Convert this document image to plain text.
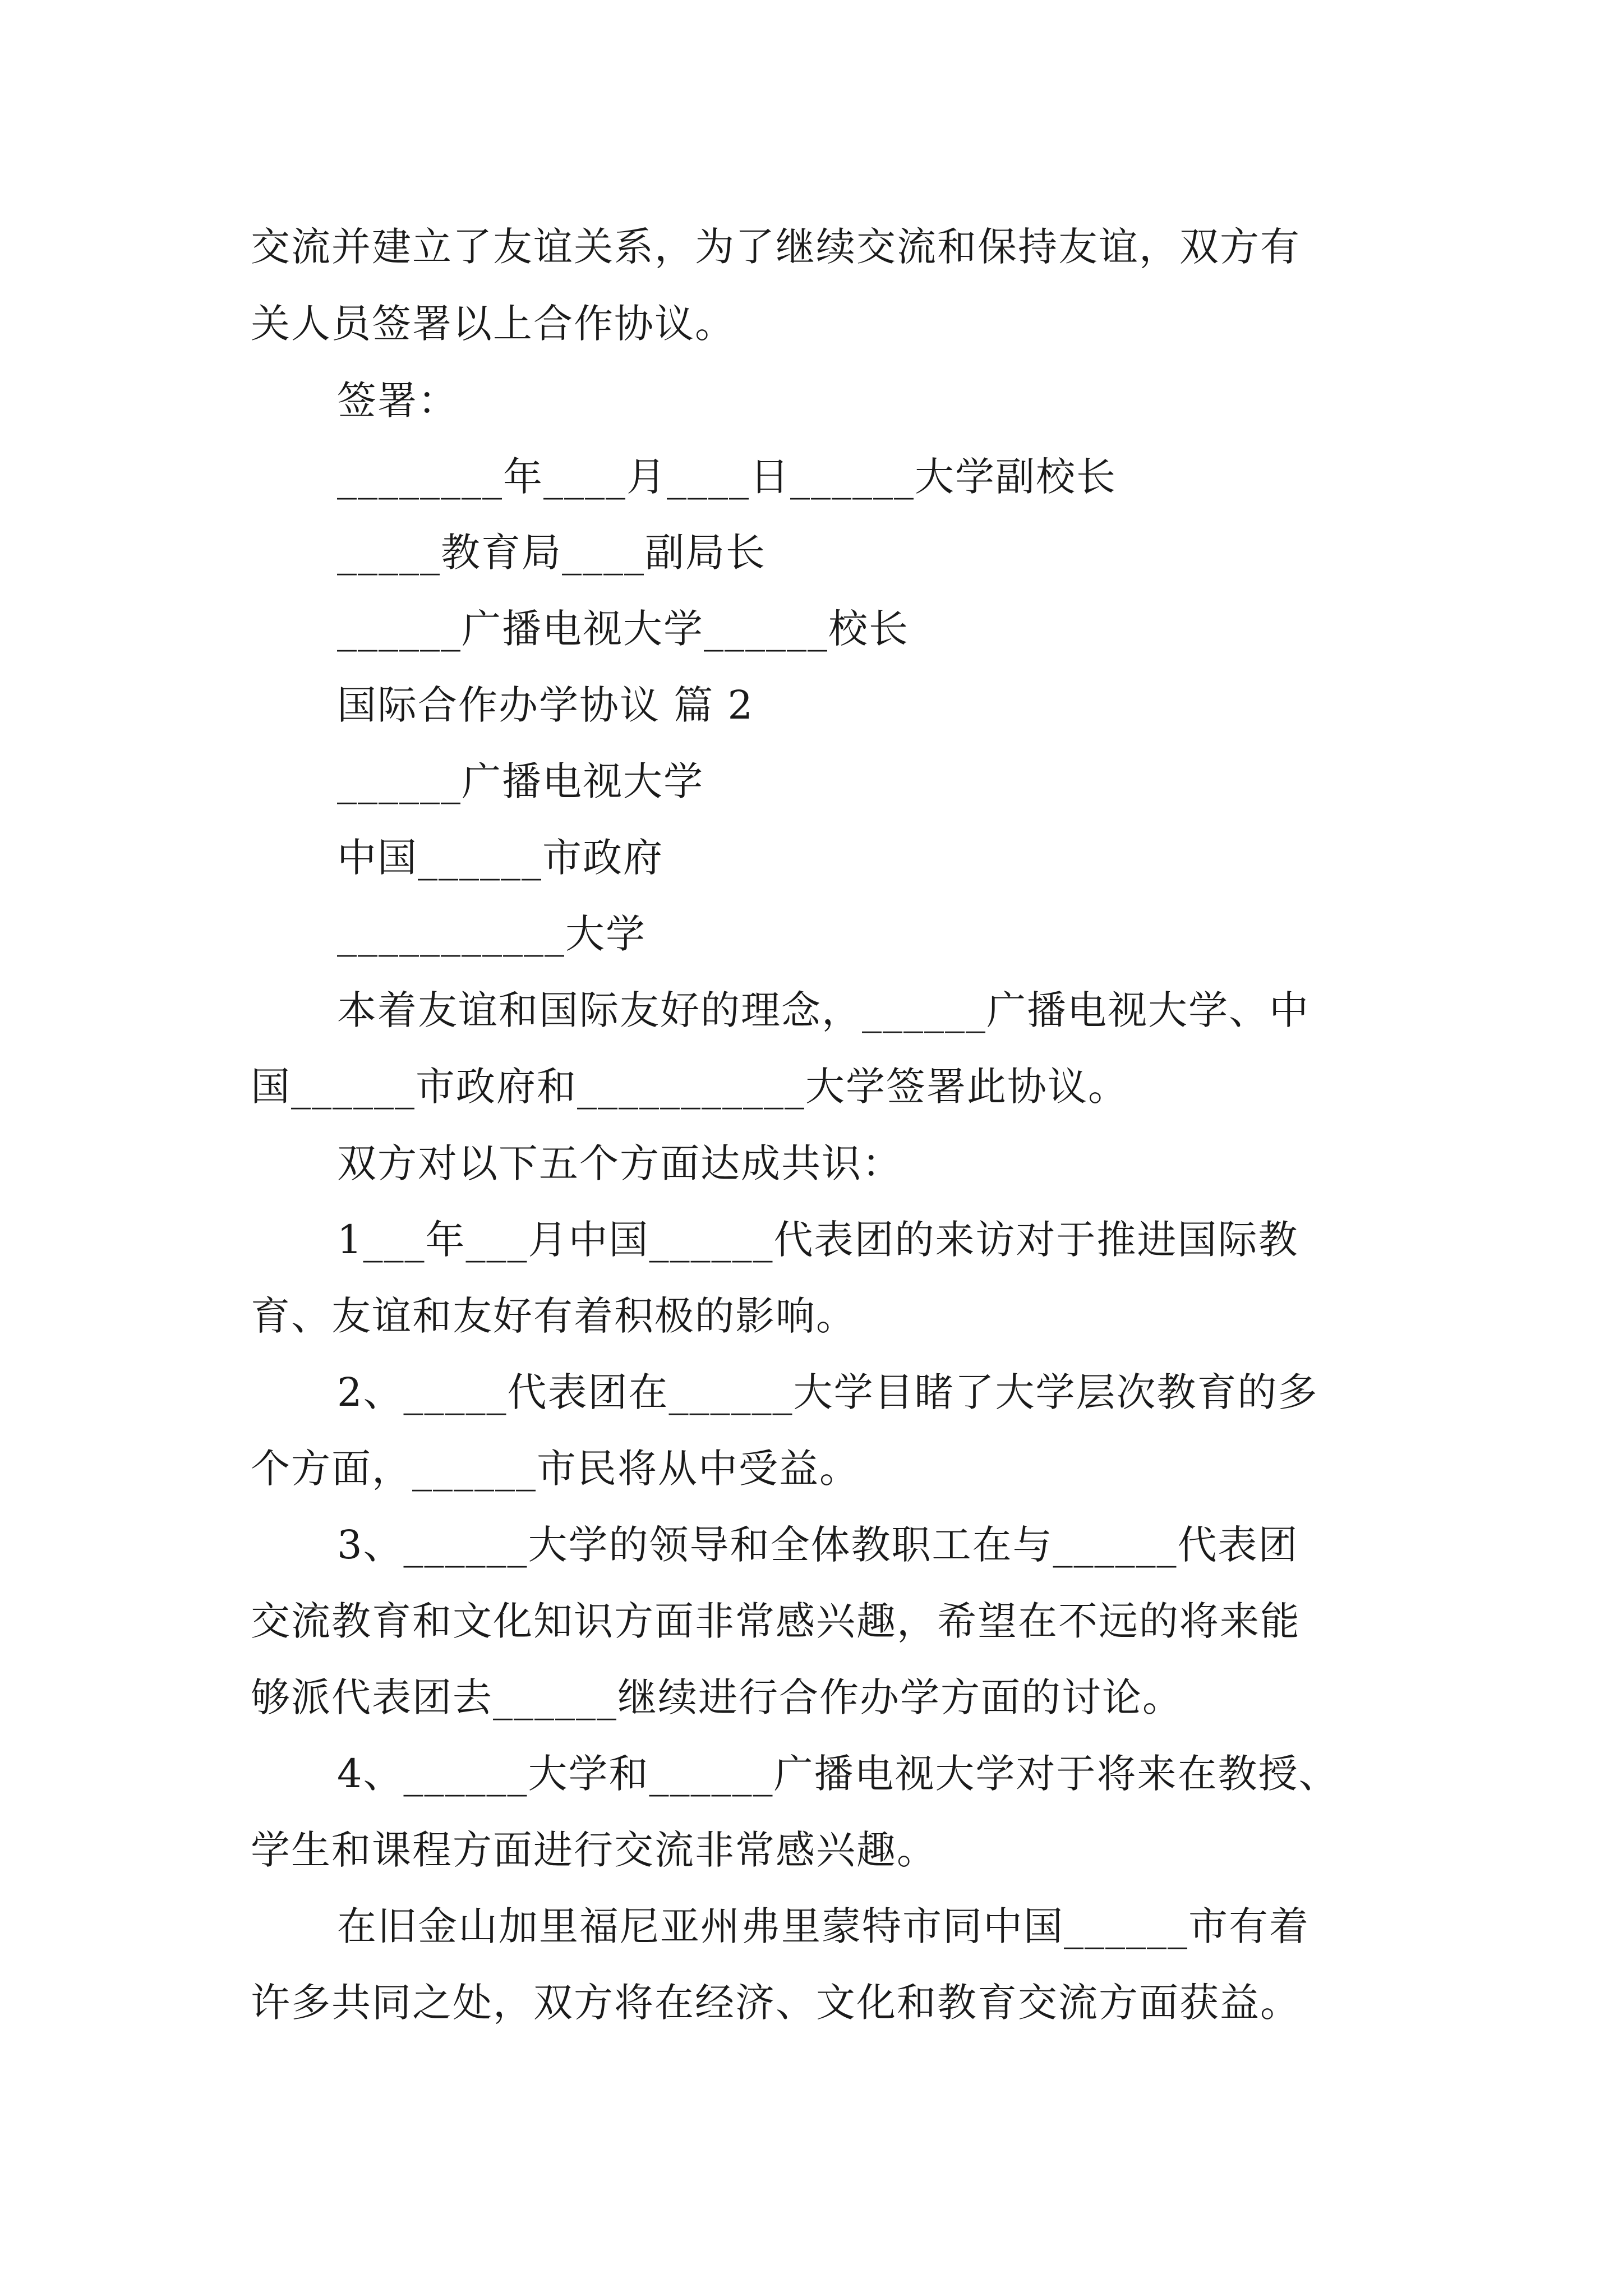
交流并建立了友谊关系，为了继续交流和保持友谊，双方有
关人员签署以上合作协议。
签署：
________年____月____日______大学副校长
_____教育局____副局长
______广播电视大学______校长
国际合作办学协议 篇 2
______广播电视大学
中国______市政府
___________大学
本着友谊和国际友好的理念，______广播电视大学、中
国______市政府和___________大学签署此协议。
双方对以下五个方面达成共识：
1___年___月中国______代表团的来访对于推进国际教
育、友谊和友好有着积极的影响。
2、_____代表团在______大学目睹了大学层次教育的多
个方面，______市民将从中受益。
3、______大学的领导和全体教职工在与______代表团
交流教育和文化知识方面非常感兴趣，希望在不远的将来能
够派代表团去______继续进行合作办学方面的讨论。
4、______大学和______广播电视大学对于将来在教授、
学生和课程方面进行交流非常感兴趣。
在旧金山加里福尼亚州弗里蒙特市同中国______市有着
许多共同之处，双方将在经济、文化和教育交流方面获益。
